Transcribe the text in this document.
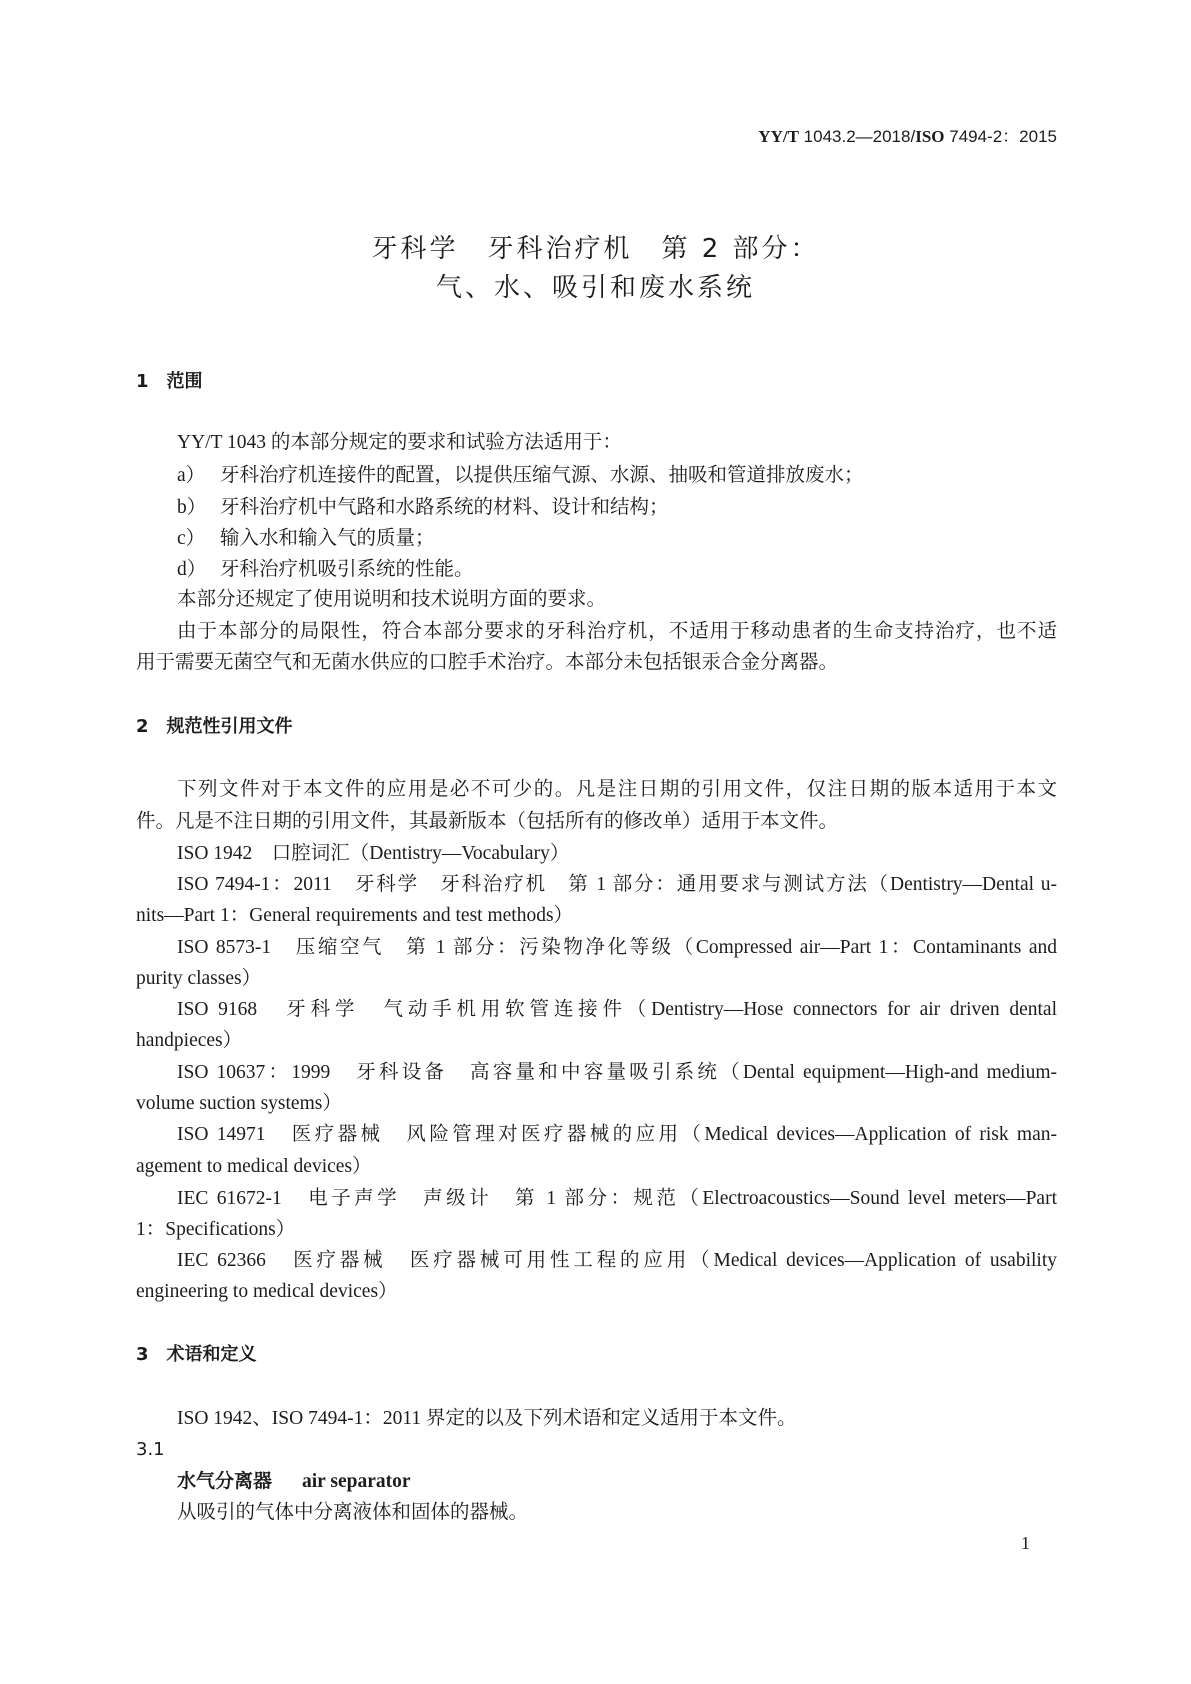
YY/T 1043.2—2018/ISO 7494-2：2015
牙科学　牙科治疗机　第 2 部分：
气、水、吸引和废水系统
1　范围
YY/T 1043 的本部分规定的要求和试验方法适用于：
a） 牙科治疗机连接件的配置，以提供压缩气源、水源、抽吸和管道排放废水；
b） 牙科治疗机中气路和水路系统的材料、设计和结构；
c） 输入水和输入气的质量；
d） 牙科治疗机吸引系统的性能。
本部分还规定了使用说明和技术说明方面的要求。
由于本部分的局限性，符合本部分要求的牙科治疗机，不适用于移动患者的生命支持治疗，也不适
用于需要无菌空气和无菌水供应的口腔手术治疗。本部分未包括银汞合金分离器。
2　规范性引用文件
下列文件对于本文件的应用是必不可少的。凡是注日期的引用文件，仅注日期的版本适用于本文
件。凡是不注日期的引用文件，其最新版本（包括所有的修改单）适用于本文件。
ISO 1942　口腔词汇（Dentistry—Vocabulary）
ISO 7494-1：2011　牙科学　牙科治疗机　第 1 部分：通用要求与测试方法（Dentistry—Dental u-
nits—Part 1：General requirements and test methods）
ISO 8573-1　压缩空气　第 1 部分：污染物净化等级（Compressed air—Part 1：Contaminants and
purity classes）
ISO 9168　牙科学　气动手机用软管连接件（Dentistry—Hose connectors for air driven dental
handpieces）
ISO 10637：1999　牙科设备　高容量和中容量吸引系统（Dental equipment—High-and medium-
volume suction systems）
ISO 14971　医疗器械　风险管理对医疗器械的应用（Medical devices—Application of risk man-
agement to medical devices）
IEC 61672-1　电子声学　声级计　第 1 部分：规范（Electroacoustics—Sound level meters—Part
1：Specifications）
IEC 62366　医疗器械　医疗器械可用性工程的应用（Medical devices—Application of usability
engineering to medical devices）
3　术语和定义
ISO 1942、ISO 7494-1：2011 界定的以及下列术语和定义适用于本文件。
3.1
水气分离器 air separator
从吸引的气体中分离液体和固体的器械。
1
